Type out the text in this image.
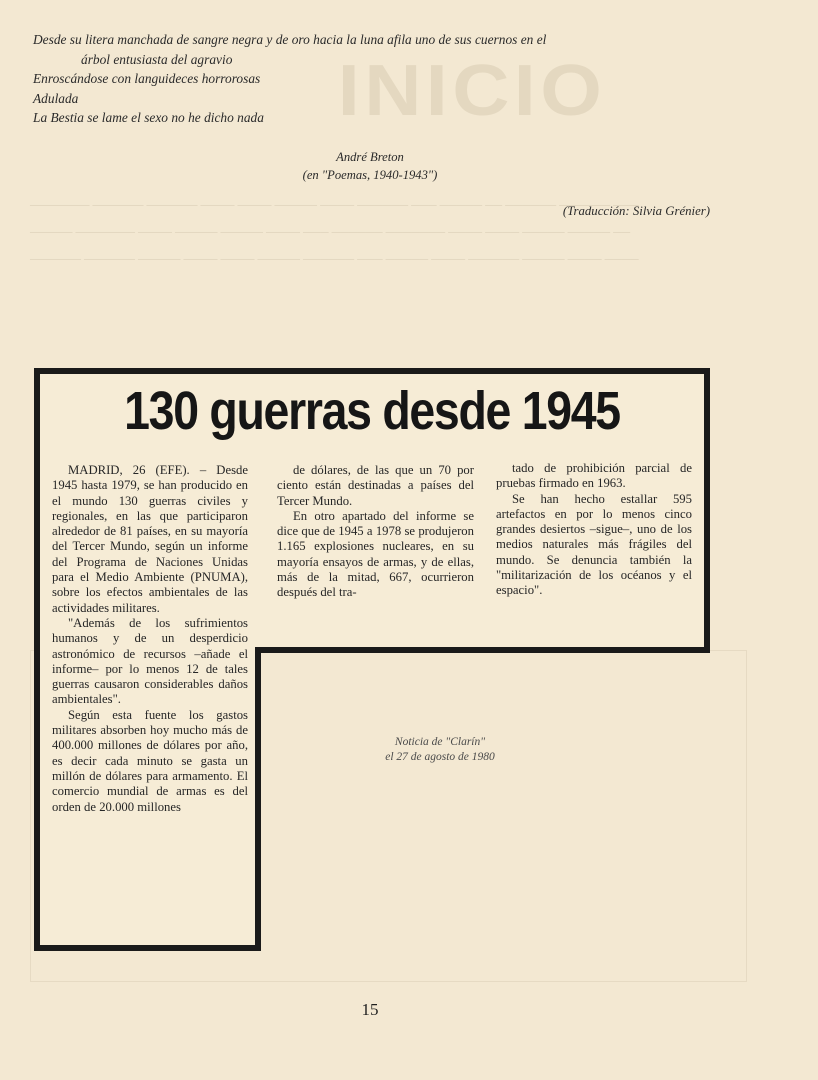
INICIO

─────── ────── ────── ──── ──── ───── ──── ────── ─── ───── ── ────── ────── ───

───── ─────── ──── ───── ───── ──── ─── ────── ─────── ──── ──── ───── ───── ──

────── ────── ───── ──── ──── ───── ────── ─── ───── ──── ────── ───── ──── ────

Desde su litera manchada de sangre negra y de oro hacia la luna afila uno de sus cuernos en el
árbol entusiasta del agravio
Enroscándose con languideces horrorosas
Adulada
La Bestia se lame el sexo no he dicho nada
André Breton
(en "Poemas, 1940-1943")
(Traducción: Silvia Grénier)
130 guerras desde 1945

MADRID, 26 (EFE). – Desde 1945 hasta 1979, se han producido en el mundo 130 guerras civiles y regionales, en las que participaron alrededor de 81 países, en su mayoría del Tercer Mundo, según un informe del Programa de Naciones Unidas para el Medio Ambiente (PNUMA), sobre los efectos ambientales de las actividades militares.

"Además de los sufrimientos humanos y de un desperdicio astronómico de recursos –añade el informe– por lo menos 12 de tales guerras causaron considerables daños ambientales".

Según esta fuente los gastos militares absorben hoy mucho más de 400.000 millones de dólares por año, es decir cada minuto se gasta un millón de dólares para armamento. El comercio mundial de armas es del orden de 20.000 millones

de dólares, de las que un 70 por ciento están destinadas a países del Tercer Mundo.

En otro apartado del informe se dice que de 1945 a 1978 se produjeron 1.165 explosiones nucleares, en su mayoría ensayos de armas, y de ellas, más de la mitad, 667, ocurrieron después del tra-

tado de prohibición parcial de pruebas firmado en 1963.

Se han hecho estallar 595 artefactos en por lo menos cinco grandes desiertos –sigue–, uno de los medios naturales más frágiles del mundo. Se denuncia también la "militarización de los océanos y el espacio".

Noticia de "Clarín"
el 27 de agosto de 1980
15
